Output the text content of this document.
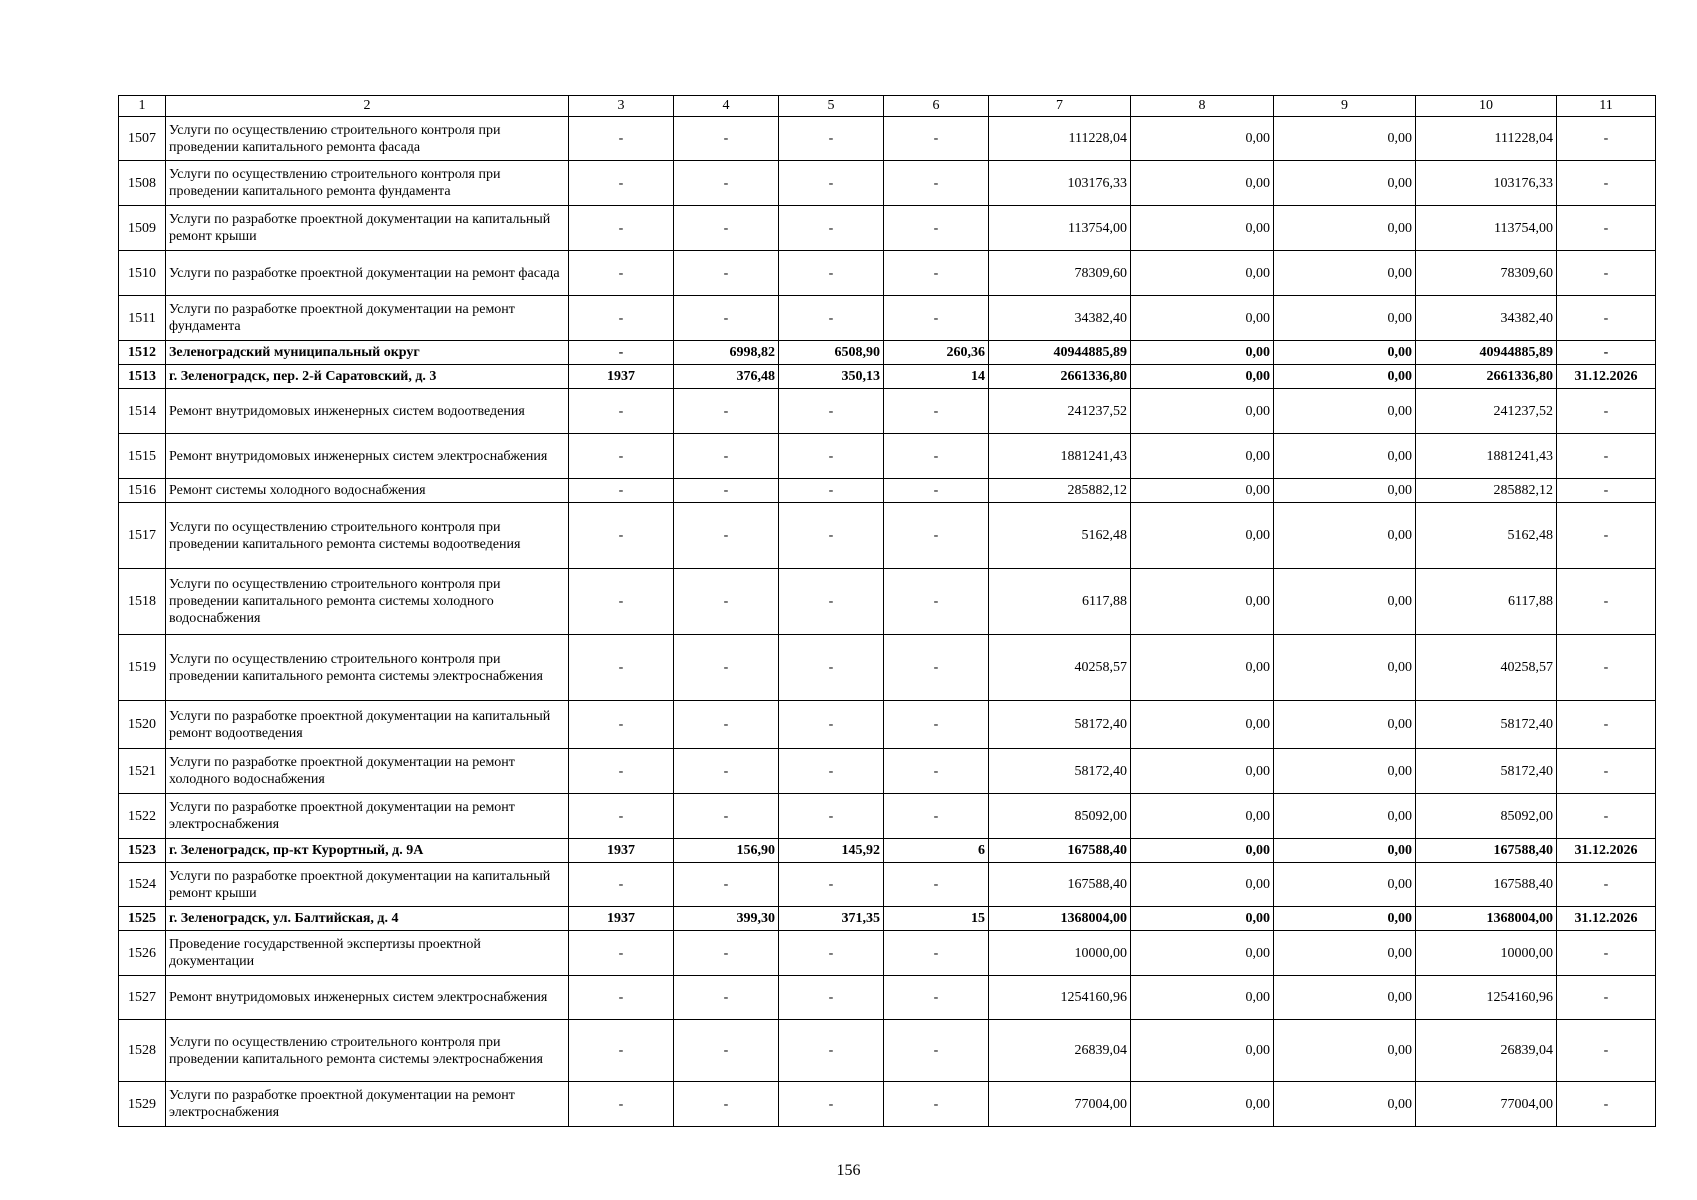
1	2	3	4	5	6	7	8	9	10	11
1507	Услуги по осуществлению строительного контроля при проведении капитального ремонта фасада	-	-	-	-	111228,04	0,00	0,00	111228,04	-
1508	Услуги по осуществлению строительного контроля при проведении капитального ремонта фундамента	-	-	-	-	103176,33	0,00	0,00	103176,33	-
1509	Услуги по разработке проектной документации на капитальный ремонт крыши	-	-	-	-	113754,00	0,00	0,00	113754,00	-
1510	Услуги по разработке проектной документации на ремонт фасада	-	-	-	-	78309,60	0,00	0,00	78309,60	-
1511	Услуги по разработке проектной документации на ремонт фундамента	-	-	-	-	34382,40	0,00	0,00	34382,40	-
1512	Зеленоградский муниципальный округ	-	6998,82	6508,90	260,36	40944885,89	0,00	0,00	40944885,89	-
1513	г. Зеленоградск, пер. 2-й Саратовский, д. 3	1937	376,48	350,13	14	2661336,80	0,00	0,00	2661336,80	31.12.2026
1514	Ремонт внутридомовых инженерных систем водоотведения	-	-	-	-	241237,52	0,00	0,00	241237,52	-
1515	Ремонт внутридомовых инженерных систем электроснабжения	-	-	-	-	1881241,43	0,00	0,00	1881241,43	-
1516	Ремонт системы холодного водоснабжения	-	-	-	-	285882,12	0,00	0,00	285882,12	-
1517	Услуги по осуществлению строительного контроля при проведении капитального ремонта системы водоотведения	-	-	-	-	5162,48	0,00	0,00	5162,48	-
1518	Услуги по осуществлению строительного контроля при проведении капитального ремонта системы холодного водоснабжения	-	-	-	-	6117,88	0,00	0,00	6117,88	-
1519	Услуги по осуществлению строительного контроля при проведении капитального ремонта системы электроснабжения	-	-	-	-	40258,57	0,00	0,00	40258,57	-
1520	Услуги по разработке проектной документации на капитальный ремонт водоотведения	-	-	-	-	58172,40	0,00	0,00	58172,40	-
1521	Услуги по разработке проектной документации на ремонт холодного водоснабжения	-	-	-	-	58172,40	0,00	0,00	58172,40	-
1522	Услуги по разработке проектной документации на ремонт электроснабжения	-	-	-	-	85092,00	0,00	0,00	85092,00	-
1523	г. Зеленоградск, пр-кт Курортный, д. 9А	1937	156,90	145,92	6	167588,40	0,00	0,00	167588,40	31.12.2026
1524	Услуги по разработке проектной документации на капитальный ремонт крыши	-	-	-	-	167588,40	0,00	0,00	167588,40	-
1525	г. Зеленоградск, ул. Балтийская, д. 4	1937	399,30	371,35	15	1368004,00	0,00	0,00	1368004,00	31.12.2026
1526	Проведение государственной экспертизы проектной документации	-	-	-	-	10000,00	0,00	0,00	10000,00	-
1527	Ремонт внутридомовых инженерных систем электроснабжения	-	-	-	-	1254160,96	0,00	0,00	1254160,96	-
1528	Услуги по осуществлению строительного контроля при проведении капитального ремонта системы электроснабжения	-	-	-	-	26839,04	0,00	0,00	26839,04	-
1529	Услуги по разработке проектной документации на ремонт электроснабжения	-	-	-	-	77004,00	0,00	0,00	77004,00	-
156
